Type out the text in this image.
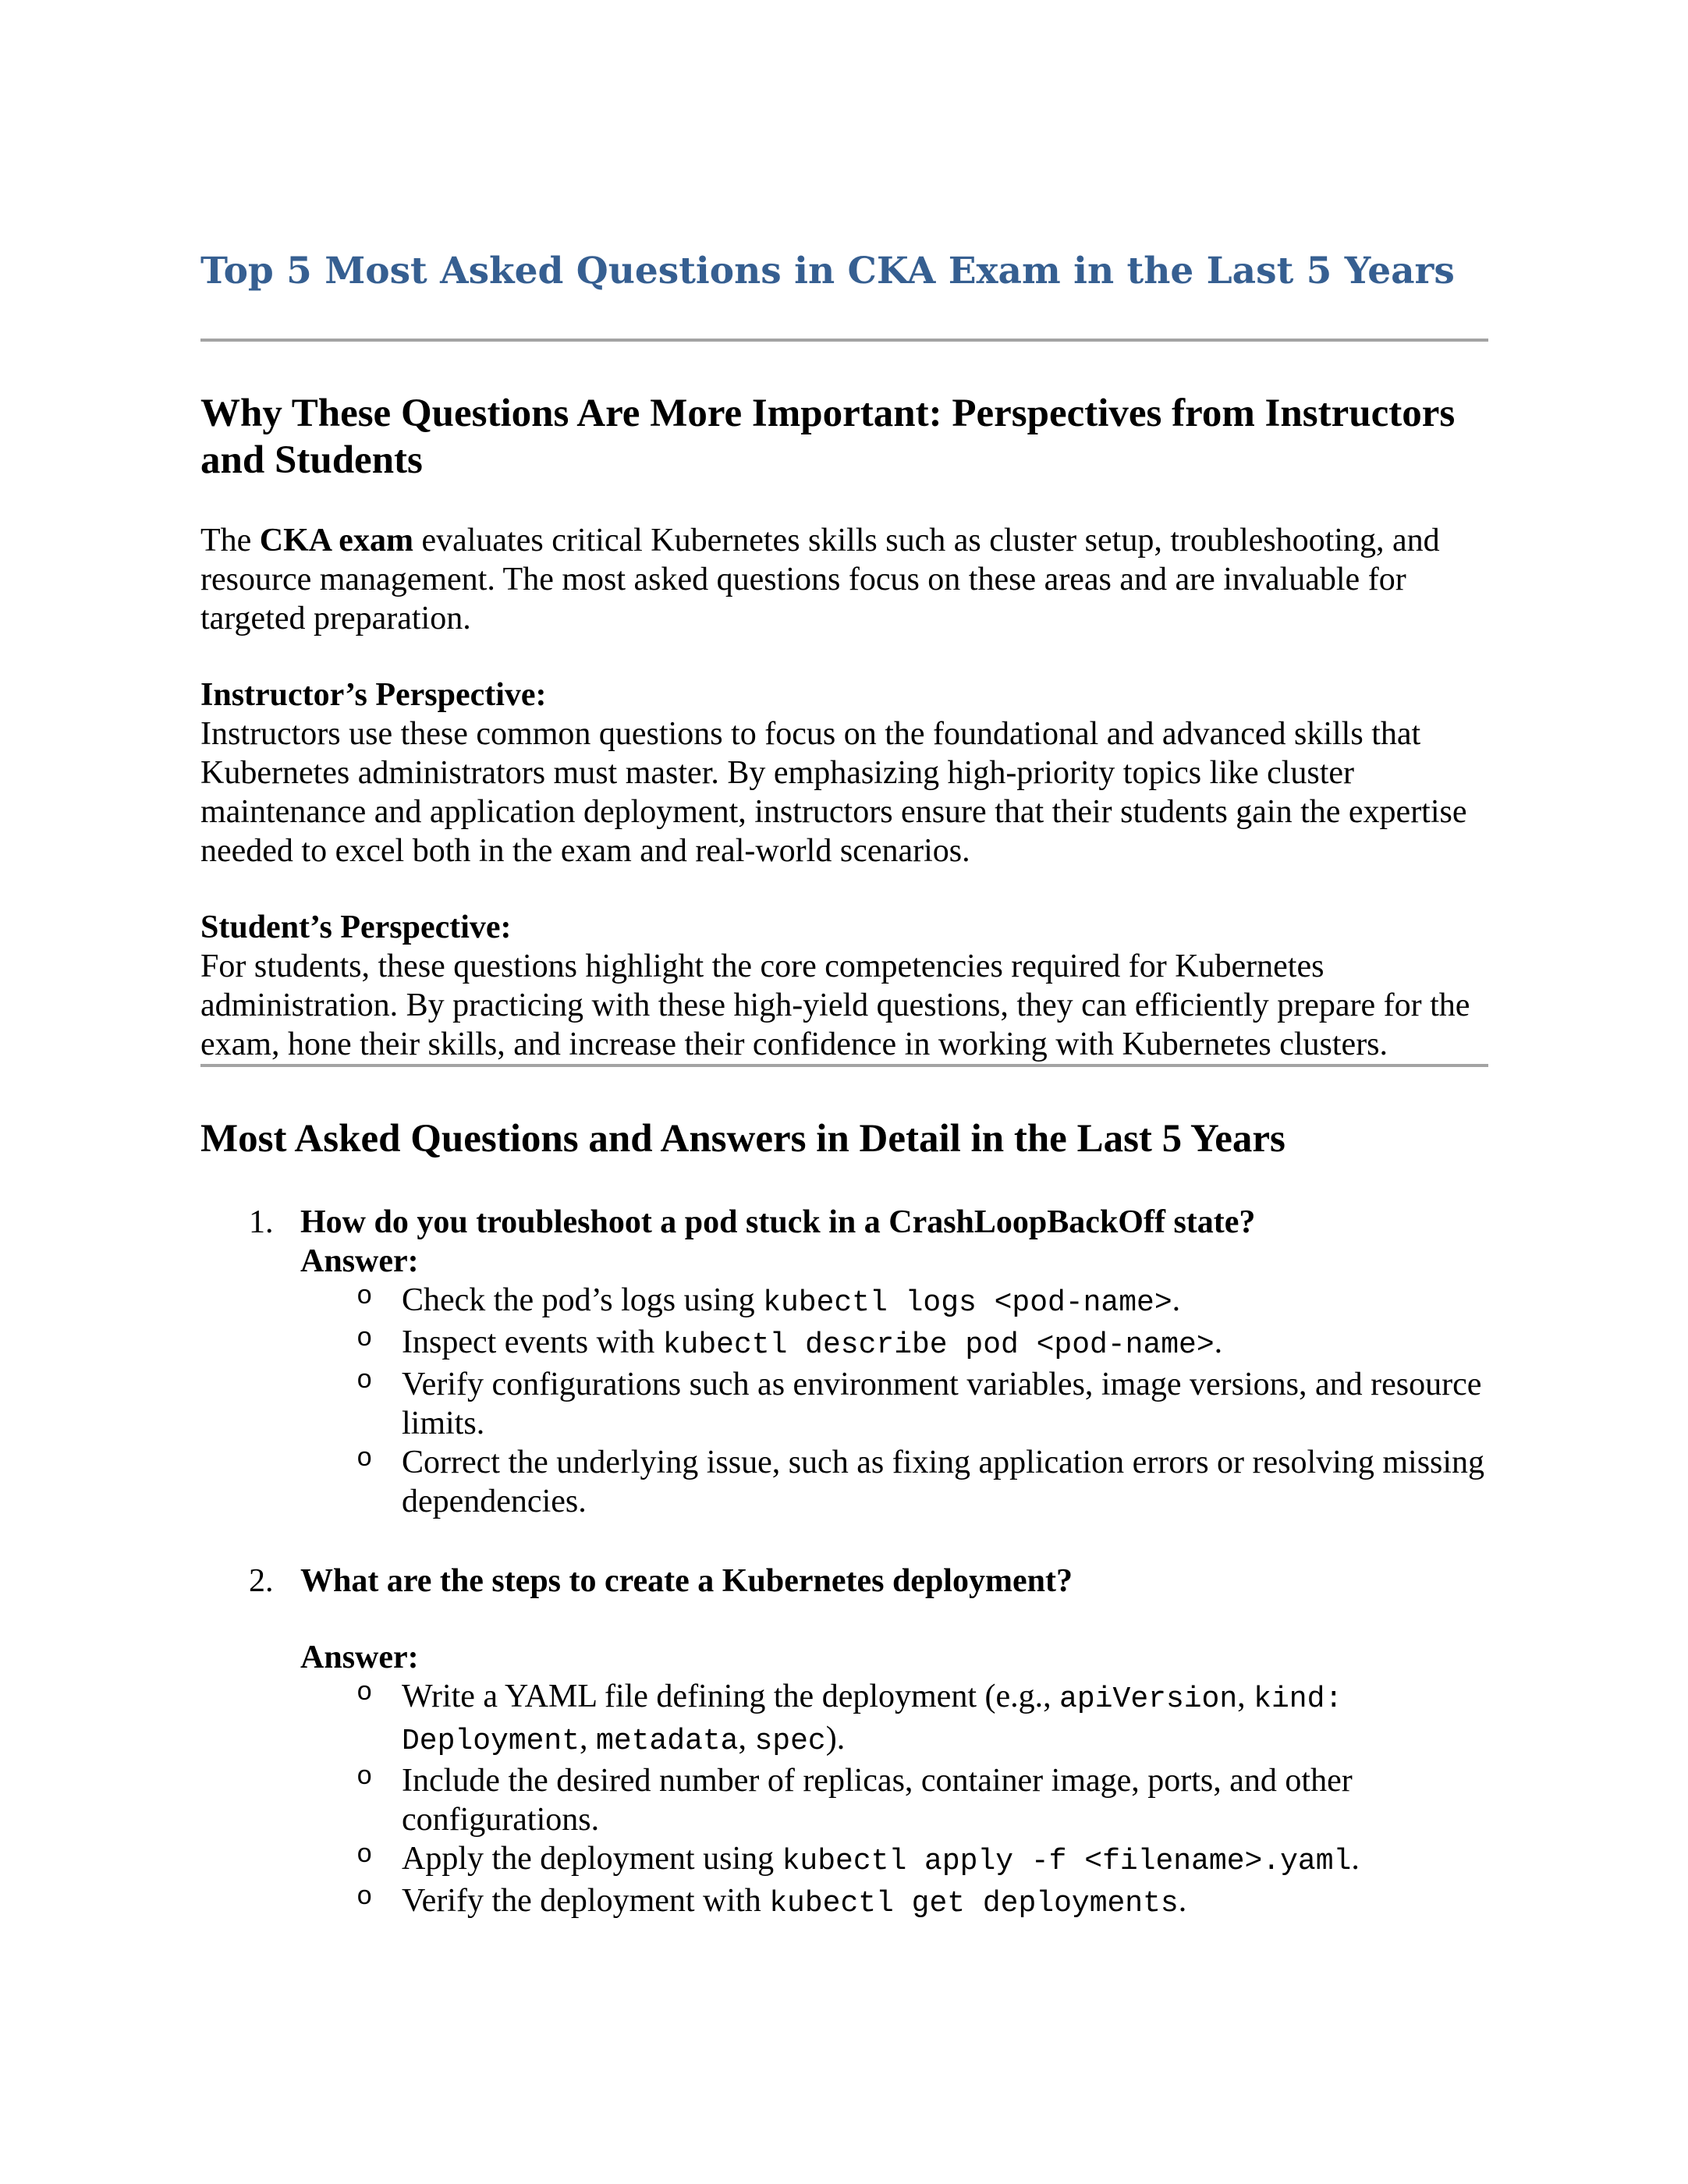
Top 5 Most Asked Questions in CKA Exam in the Last 5 Years
Why These Questions Are More Important: Perspectives from Instructors and Students

The CKA exam evaluates critical Kubernetes skills such as cluster setup, troubleshooting, and resource management. The most asked questions focus on these areas and are invaluable for targeted preparation.

Instructor’s Perspective:

Instructors use these common questions to focus on the foundational and advanced skills that Kubernetes administrators must master. By emphasizing high-priority topics like cluster maintenance and application deployment, instructors ensure that their students gain the expertise needed to excel both in the exam and real-world scenarios.

Student’s Perspective:

For students, these questions highlight the core competencies required for Kubernetes administration. By practicing with these high-yield questions, they can efficiently prepare for the exam, hone their skills, and increase their confidence in working with Kubernetes clusters.

Most Asked Questions and Answers in Detail in the Last 5 Years
1. How do you troubleshoot a pod stuck in a CrashLoopBackOff state?
Answer:
o Check the pod’s logs using kubectl logs <pod-name>.
o Inspect events with kubectl describe pod <pod-name>.
o Verify configurations such as environment variables, image versions, and resource limits.
o Correct the underlying issue, such as fixing application errors or resolving missing dependencies.
2. What are the steps to create a Kubernetes deployment?
Answer:
o Write a YAML file defining the deployment (e.g., apiVersion, kind: Deployment, metadata, spec).
o Include the desired number of replicas, container image, ports, and other configurations.
o Apply the deployment using kubectl apply -f <filename>.yaml.
o Verify the deployment with kubectl get deployments.
